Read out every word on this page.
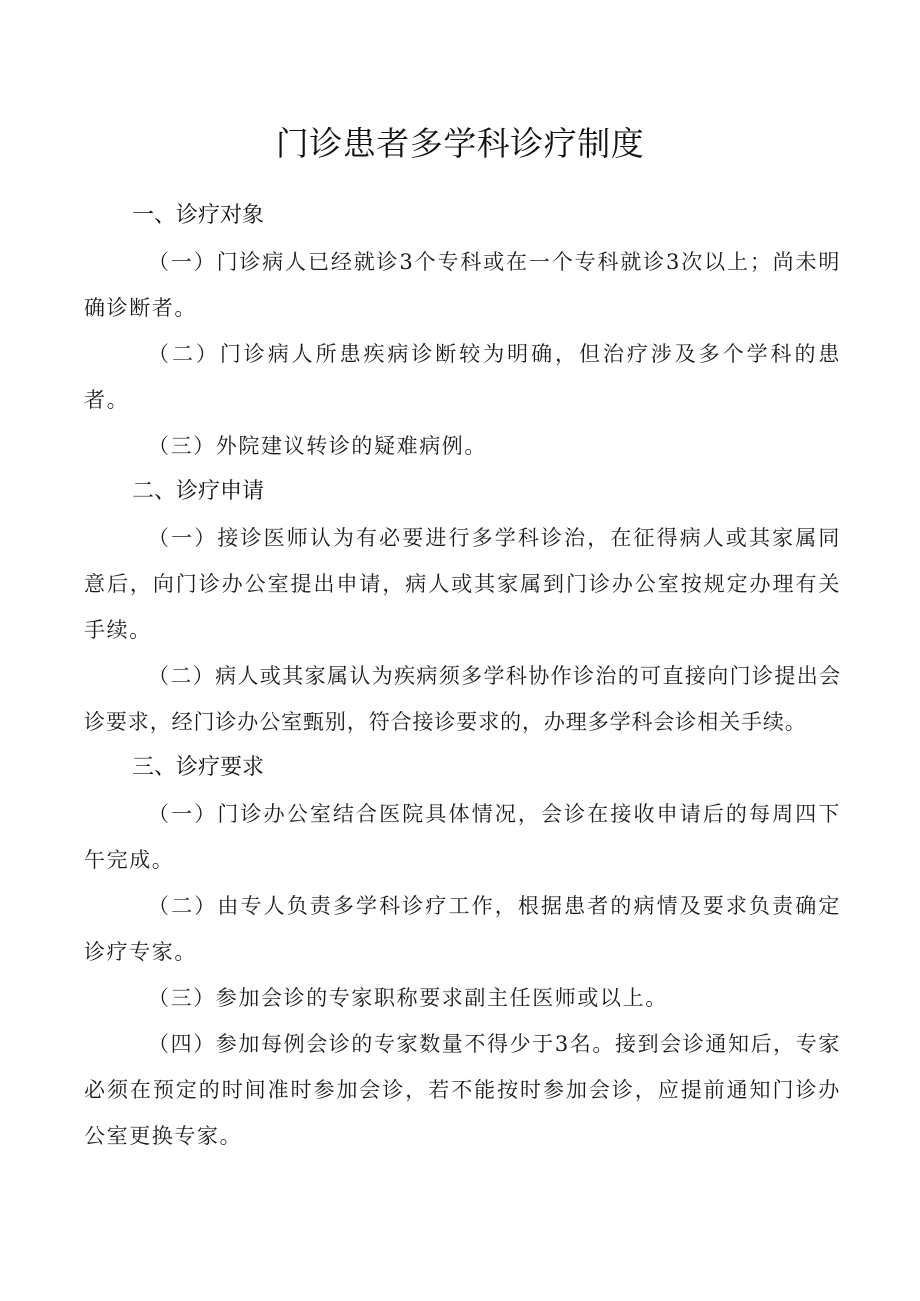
门诊患者多学科诊疗制度
一、诊疗对象
（一）门诊病人已经就诊3个专科或在一个专科就诊3次以上；尚未明确诊断者。
（二）门诊病人所患疾病诊断较为明确，但治疗涉及多个学科的患者。
（三）外院建议转诊的疑难病例。
二、诊疗申请
（一）接诊医师认为有必要进行多学科诊治，在征得病人或其家属同意后，向门诊办公室提出申请，病人或其家属到门诊办公室按规定办理有关手续。
（二）病人或其家属认为疾病须多学科协作诊治的可直接向门诊提出会诊要求，经门诊办公室甄别，符合接诊要求的，办理多学科会诊相关手续。
三、诊疗要求
（一）门诊办公室结合医院具体情况，会诊在接收申请后的每周四下午完成。
（二）由专人负责多学科诊疗工作，根据患者的病情及要求负责确定诊疗专家。
（三）参加会诊的专家职称要求副主任医师或以上。
（四）参加每例会诊的专家数量不得少于3名。接到会诊通知后，专家必须在预定的时间准时参加会诊，若不能按时参加会诊，应提前通知门诊办公室更换专家。
